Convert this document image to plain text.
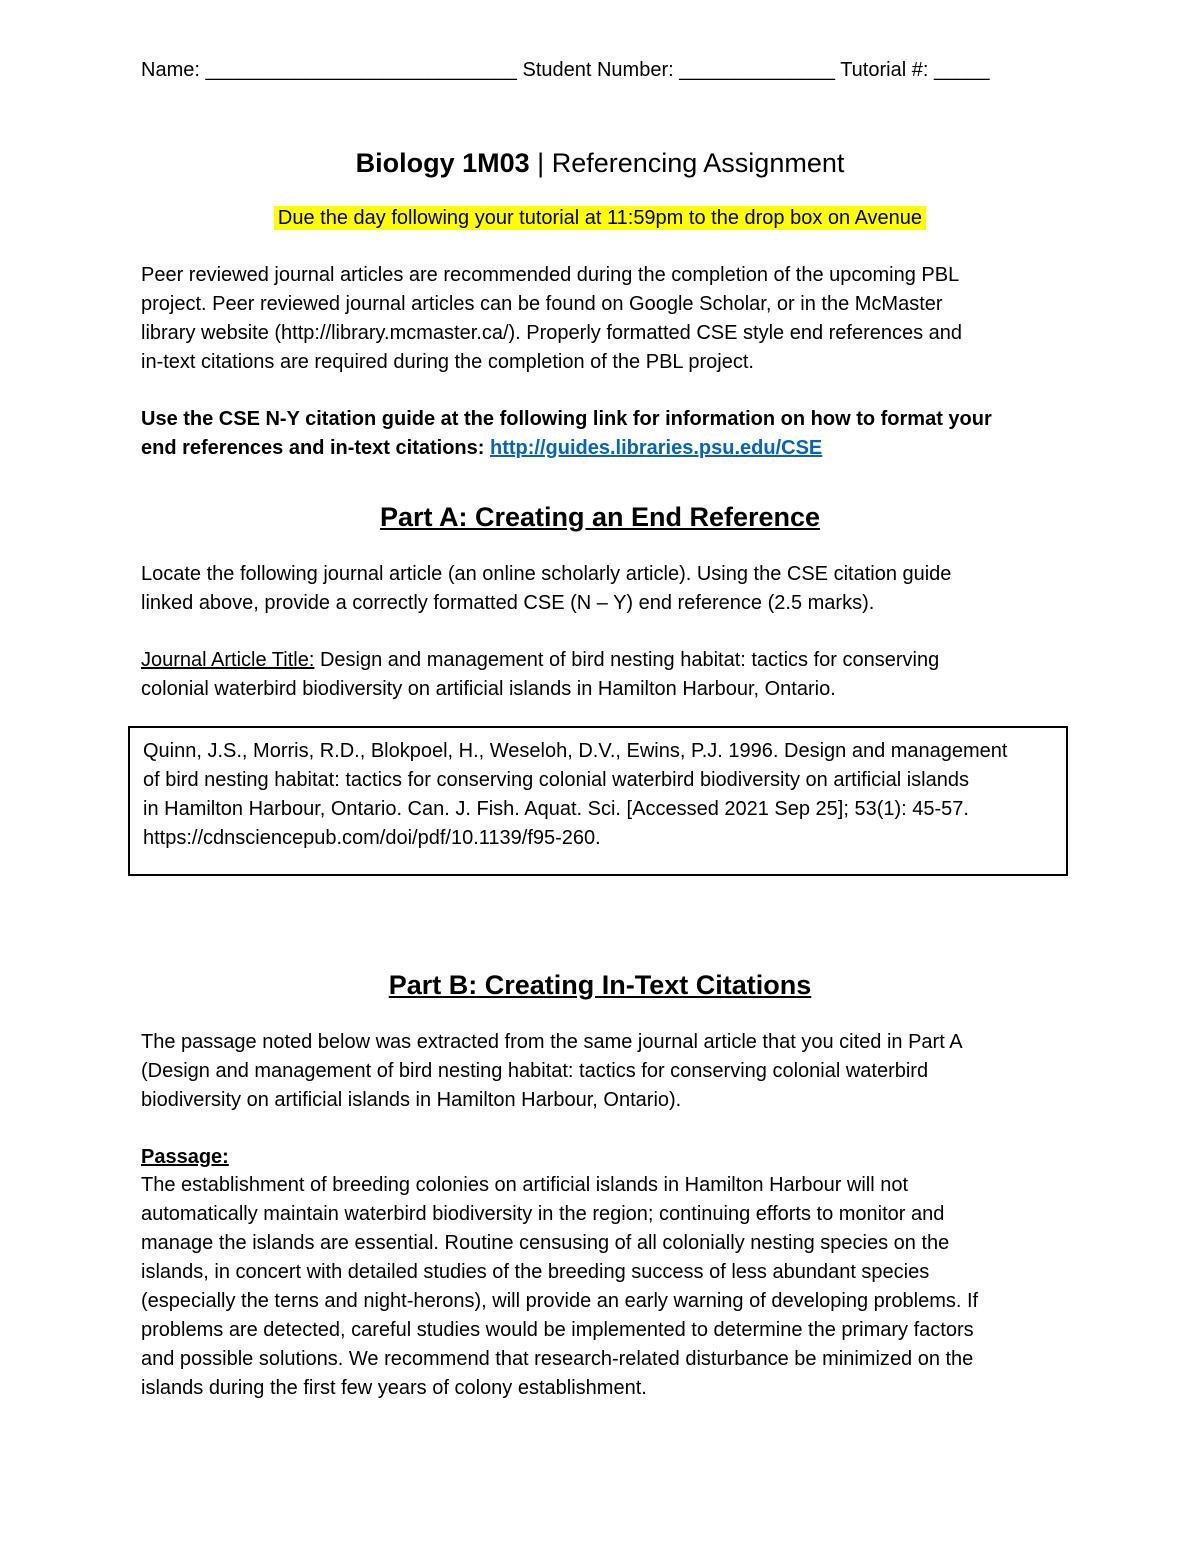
Name: ____________________________ Student Number: ______________ Tutorial #: _____
Biology 1M03 | Referencing Assignment
Due the day following your tutorial at 11:59pm to the drop box on Avenue
Peer reviewed journal articles are recommended during the completion of the upcoming PBL
project. Peer reviewed journal articles can be found on Google Scholar, or in the McMaster
library website (http://library.mcmaster.ca/). Properly formatted CSE style end references and
in-text citations are required during the completion of the PBL project.
Use the CSE N-Y citation guide at the following link for information on how to format your
end references and in-text citations: http://guides.libraries.psu.edu/CSE
Part A: Creating an End Reference
Locate the following journal article (an online scholarly article). Using the CSE citation guide
linked above, provide a correctly formatted CSE (N – Y) end reference (2.5 marks).
Journal Article Title: Design and management of bird nesting habitat: tactics for conserving
colonial waterbird biodiversity on artificial islands in Hamilton Harbour, Ontario.
Quinn, J.S., Morris, R.D., Blokpoel, H., Weseloh, D.V., Ewins, P.J. 1996. Design and management
of bird nesting habitat: tactics for conserving colonial waterbird biodiversity on artificial islands
in Hamilton Harbour, Ontario. Can. J. Fish. Aquat. Sci. [Accessed 2021 Sep 25]; 53(1): 45-57.
https://cdnsciencepub.com/doi/pdf/10.1139/f95-260.
Part B: Creating In-Text Citations
The passage noted below was extracted from the same journal article that you cited in Part A
(Design and management of bird nesting habitat: tactics for conserving colonial waterbird
biodiversity on artificial islands in Hamilton Harbour, Ontario).
Passage:
The establishment of breeding colonies on artificial islands in Hamilton Harbour will not
automatically maintain waterbird biodiversity in the region; continuing efforts to monitor and
manage the islands are essential. Routine censusing of all colonially nesting species on the
islands, in concert with detailed studies of the breeding success of less abundant species
(especially the terns and night-herons), will provide an early warning of developing problems. If
problems are detected, careful studies would be implemented to determine the primary factors
and possible solutions. We recommend that research-related disturbance be minimized on the
islands during the first few years of colony establishment.
